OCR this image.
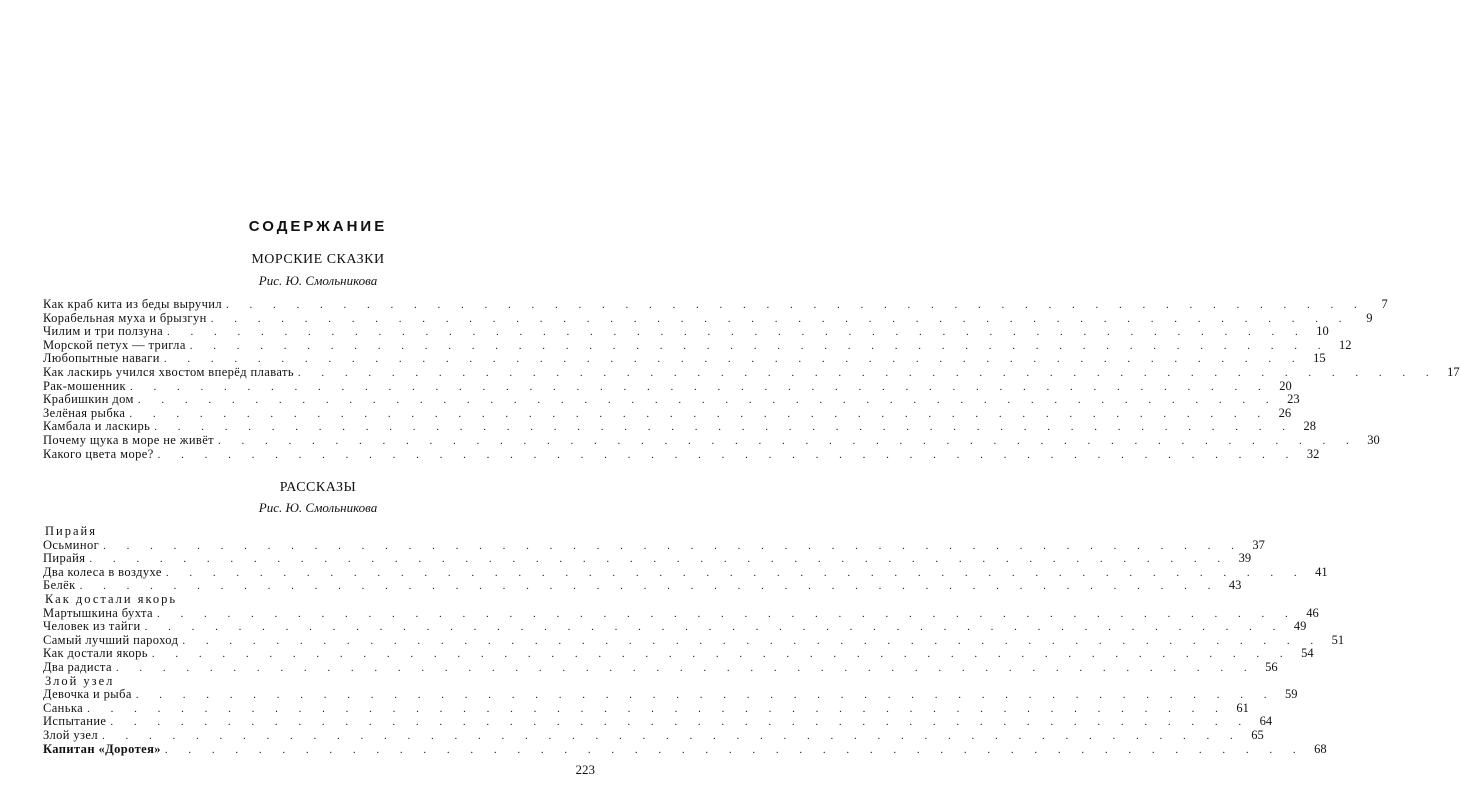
СОДЕРЖАНИЕ
МОРСКИЕ СКАЗКИ
Рис. Ю. Смольникова
Как краб кита из беды выручил . . . . . . . . . . . . . . . . . . . . . . . . . . . . . . . . . . . . . . . . . . . . . . . . .	7
Корабельная муха и брызгун . . . . . . . . . . . . . . . . . . . . . . . . . . . . . . . . . . . . . . . . . . . . . . . . .	9
Чилим и три ползуна . . . . . . . . . . . . . . . . . . . . . . . . . . . . . . . . . . . . . . . . . . . . . . . . . 10
Морской петух — тригла . . . . . . . . . . . . . . . . . . . . . . . . . . . . . . . . . . . . . . . . . . . . . . . . . 12
Любопытные наваги . . . . . . . . . . . . . . . . . . . . . . . . . . . . . . . . . . . . . . . . . . . . . . . . . 15
Как ласкирь учился хвостом вперёд плавать . . . . . . . . . . . . . . . . . . . . . . . . . . . . . . . . . . . . . . . . . . . . . . . . . 17
Рак-мошенник . . . . . . . . . . . . . . . . . . . . . . . . . . . . . . . . . . . . . . . . . . . . . . . . . 20
Крабишкин дом . . . . . . . . . . . . . . . . . . . . . . . . . . . . . . . . . . . . . . . . . . . . . . . . . 23
Зелёная рыбка . . . . . . . . . . . . . . . . . . . . . . . . . . . . . . . . . . . . . . . . . . . . . . . . . 26
Камбала и ласкирь . . . . . . . . . . . . . . . . . . . . . . . . . . . . . . . . . . . . . . . . . . . . . . . . . 28
Почему щука в море не живёт . . . . . . . . . . . . . . . . . . . . . . . . . . . . . . . . . . . . . . . . . . . . . . . . . 30
Какого цвета море? . . . . . . . . . . . . . . . . . . . . . . . . . . . . . . . . . . . . . . . . . . . . . . . . . 32
РАССКАЗЫ
Рис. Ю. Смольникова
Пирайя
Осьминог . . . . . . . . . . . . . . . . . . . . . . . . . . . . . . . . . . . . . . . . . . . . . . . . . 37
Пирайя . . . . . . . . . . . . . . . . . . . . . . . . . . . . . . . . . . . . . . . . . . . . . . . . . 39
Два колеса в воздухе . . . . . . . . . . . . . . . . . . . . . . . . . . . . . . . . . . . . . . . . . . . . . . . . . 41
Белёк . . . . . . . . . . . . . . . . . . . . . . . . . . . . . . . . . . . . . . . . . . . . . . . . . 43
Как достали якорь
Мартышкина бухта . . . . . . . . . . . . . . . . . . . . . . . . . . . . . . . . . . . . . . . . . . . . . . . . . 46
Человек из тайги . . . . . . . . . . . . . . . . . . . . . . . . . . . . . . . . . . . . . . . . . . . . . . . . . 49
Самый лучший пароход . . . . . . . . . . . . . . . . . . . . . . . . . . . . . . . . . . . . . . . . . . . . . . . . . 51
Как достали якорь . . . . . . . . . . . . . . . . . . . . . . . . . . . . . . . . . . . . . . . . . . . . . . . . . 54
Два радиста . . . . . . . . . . . . . . . . . . . . . . . . . . . . . . . . . . . . . . . . . . . . . . . . . 56
Злой узел
Девочка и рыба . . . . . . . . . . . . . . . . . . . . . . . . . . . . . . . . . . . . . . . . . . . . . . . . . 59
Санька . . . . . . . . . . . . . . . . . . . . . . . . . . . . . . . . . . . . . . . . . . . . . . . . . 61
Испытание . . . . . . . . . . . . . . . . . . . . . . . . . . . . . . . . . . . . . . . . . . . . . . . . . 64
Злой узел . . . . . . . . . . . . . . . . . . . . . . . . . . . . . . . . . . . . . . . . . . . . . . . . . 65
Капитан «Доротея» . . . . . . . . . . . . . . . . . . . . . . . . . . . . . . . . . . . . . . . . . . . . . . . . . 68
223
